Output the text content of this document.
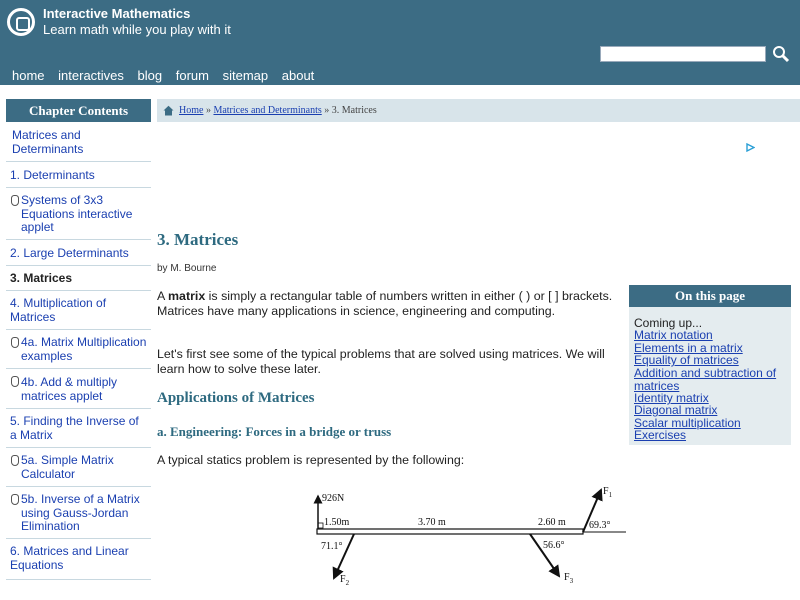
Interactive Mathematics
Learn math while you play with it
home interactives blog forum sitemap about
Chapter Contents
Matrices and Determinants
1. Determinants
Systems of 3x3 Equations interactive applet
2. Large Determinants
3. Matrices
4. Multiplication of Matrices
4a. Matrix Multiplication examples
4b. Add & multiply matrices applet
5. Finding the Inverse of a Matrix
5a. Simple Matrix Calculator
5b. Inverse of a Matrix using Gauss-Jordan Elimination
6. Matrices and Linear Equations
Home » Matrices and Determinants » 3. Matrices
3. Matrices
by M. Bourne
A matrix is simply a rectangular table of numbers written in either ( ) or [ ] brackets. Matrices have many applications in science, engineering and computing.
Let's first see some of the typical problems that are solved using matrices. We will learn how to solve these later.
Applications of Matrices
a. Engineering: Forces in a bridge or truss
A typical statics problem is represented by the following:
On this page
Coming up...
Matrix notation
Elements in a matrix
Equality of matrices
Addition and subtraction of matrices
Identity matrix
Diagonal matrix
Scalar multiplication
Exercises
926N
1.50m	3.70 m	2.60 m
71.1°	56.6°
69.3°
$F_1$
$F_2$	$F_3$
